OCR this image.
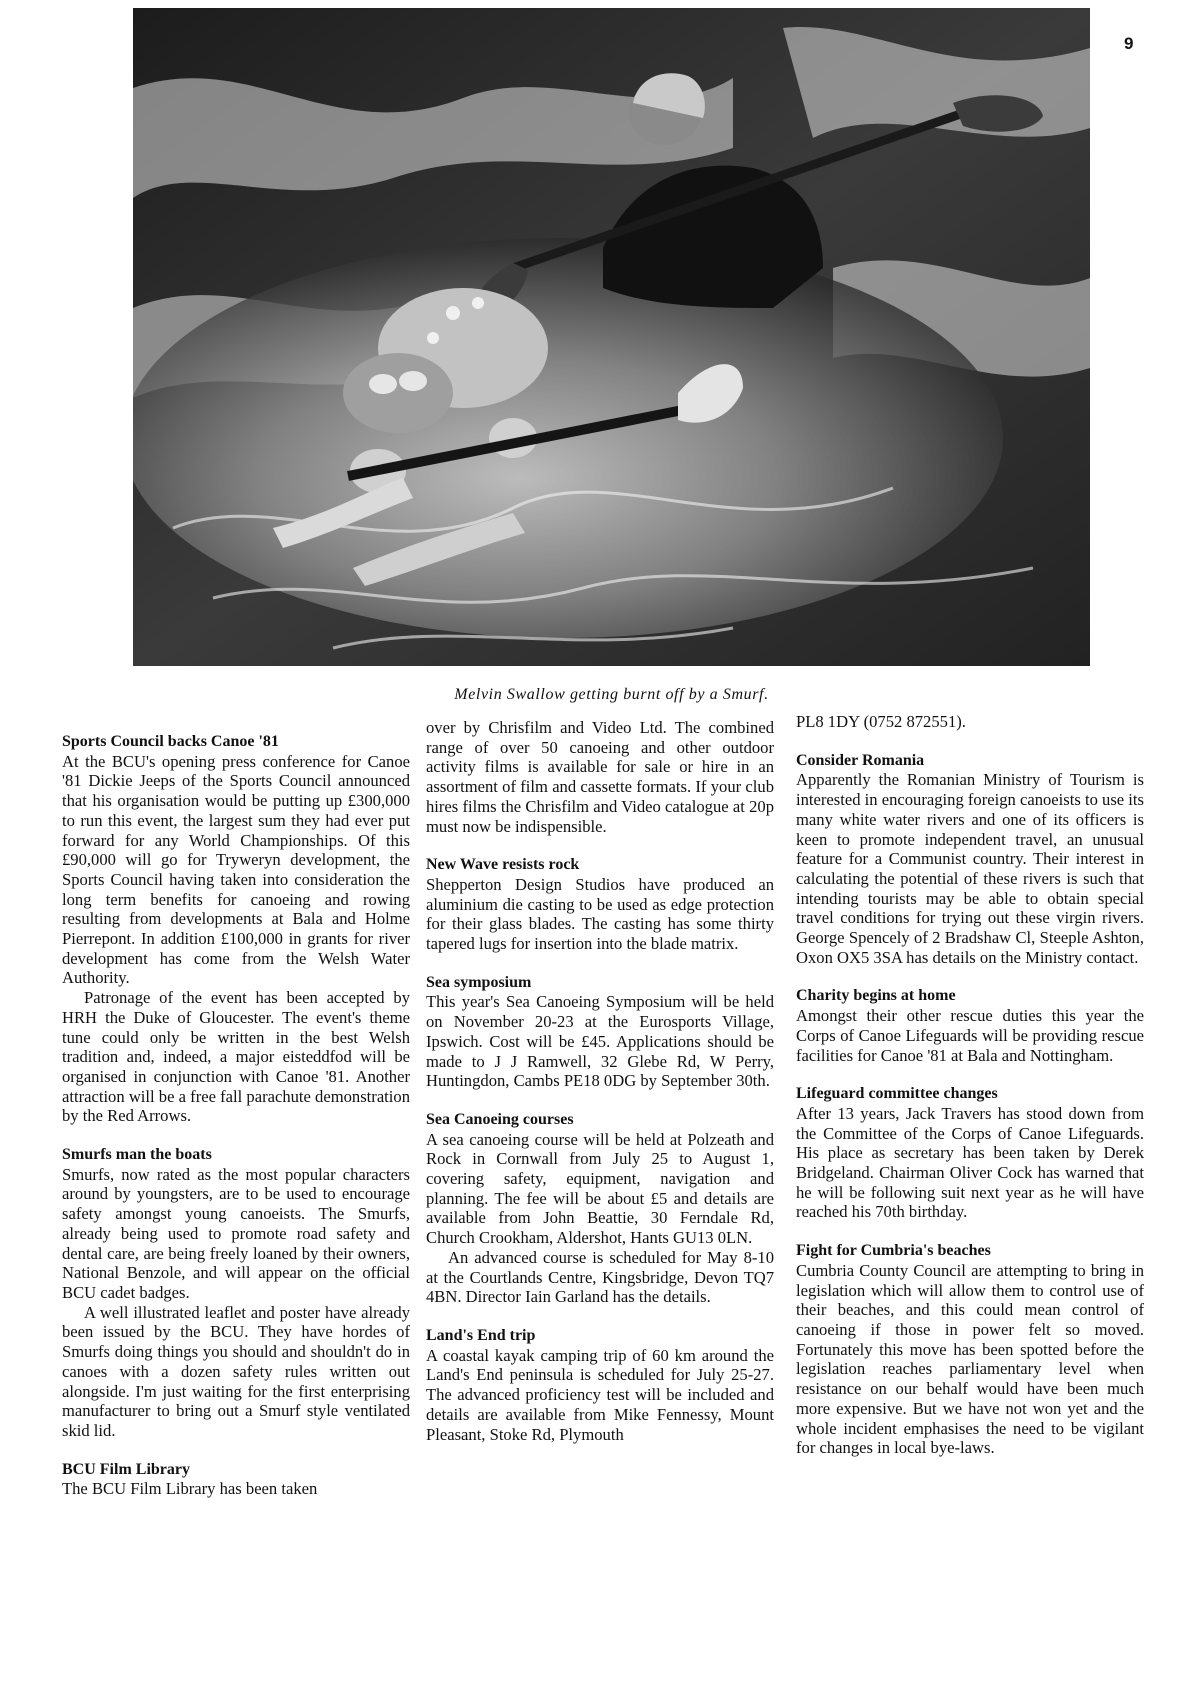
9
Melvin Swallow getting burnt off by a Smurf.
Sports Council backs Canoe '81

At the BCU's opening press conference for Canoe '81 Dickie Jeeps of the Sports Council announced that his organisation would be putting up £300,000 to run this event, the largest sum they had ever put forward for any World Championships. Of this £90,000 will go for Tryweryn development, the Sports Council having taken into consideration the long term benefits for canoeing and rowing resulting from developments at Bala and Holme Pierrepont. In addition £100,000 in grants for river development has come from the Welsh Water Authority.

Patronage of the event has been accepted by HRH the Duke of Gloucester. The event's theme tune could only be written in the best Welsh tradition and, indeed, a major eisteddfod will be organised in conjunction with Canoe '81. Another attraction will be a free fall parachute demonstration by the Red Arrows.

Smurfs man the boats

Smurfs, now rated as the most popular characters around by youngsters, are to be used to encourage safety amongst young canoeists. The Smurfs, already being used to promote road safety and dental care, are being freely loaned by their owners, National Benzole, and will appear on the official BCU cadet badges.

A well illustrated leaflet and poster have already been issued by the BCU. They have hordes of Smurfs doing things you should and shouldn't do in canoes with a dozen safety rules written out alongside. I'm just waiting for the first enterprising manufacturer to bring out a Smurf style ventilated skid lid.

BCU Film Library

The BCU Film Library has been taken

over by Chrisfilm and Video Ltd. The combined range of over 50 canoeing and other outdoor activity films is available for sale or hire in an assortment of film and cassette formats. If your club hires films the Chrisfilm and Video catalogue at 20p must now be indispensible.

New Wave resists rock

Shepperton Design Studios have produced an aluminium die casting to be used as edge protection for their glass blades. The casting has some thirty tapered lugs for insertion into the blade matrix.

Sea symposium

This year's Sea Canoeing Symposium will be held on November 20-23 at the Eurosports Village, Ipswich. Cost will be £45. Applications should be made to J J Ramwell, 32 Glebe Rd, W Perry, Huntingdon, Cambs PE18 0DG by September 30th.

Sea Canoeing courses

A sea canoeing course will be held at Polzeath and Rock in Cornwall from July 25 to August 1, covering safety, equipment, navigation and planning. The fee will be about £5 and details are available from John Beattie, 30 Ferndale Rd, Church Crookham, Aldershot, Hants GU13 0LN.

An advanced course is scheduled for May 8-10 at the Courtlands Centre, Kingsbridge, Devon TQ7 4BN. Director Iain Garland has the details.

Land's End trip

A coastal kayak camping trip of 60 km around the Land's End peninsula is scheduled for July 25-27. The advanced proficiency test will be included and details are available from Mike Fennessy, Mount Pleasant, Stoke Rd, Plymouth

PL8 1DY (0752 872551).

Consider Romania

Apparently the Romanian Ministry of Tourism is interested in encouraging foreign canoeists to use its many white water rivers and one of its officers is keen to promote independent travel, an unusual feature for a Communist country. Their interest in calculating the potential of these rivers is such that intending tourists may be able to obtain special travel conditions for trying out these virgin rivers. George Spencely of 2 Bradshaw Cl, Steeple Ashton, Oxon OX5 3SA has details on the Ministry contact.

Charity begins at home

Amongst their other rescue duties this year the Corps of Canoe Lifeguards will be providing rescue facilities for Canoe '81 at Bala and Nottingham.

Lifeguard committee changes

After 13 years, Jack Travers has stood down from the Committee of the Corps of Canoe Lifeguards. His place as secretary has been taken by Derek Bridgeland. Chairman Oliver Cock has warned that he will be following suit next year as he will have reached his 70th birthday.

Fight for Cumbria's beaches

Cumbria County Council are attempting to bring in legislation which will allow them to control use of their beaches, and this could mean control of canoeing if those in power felt so moved. Fortunately this move has been spotted before the legislation reaches parliamentary level when resistance on our behalf would have been much more expensive. But we have not won yet and the whole incident emphasises the need to be vigilant for changes in local bye-laws.
